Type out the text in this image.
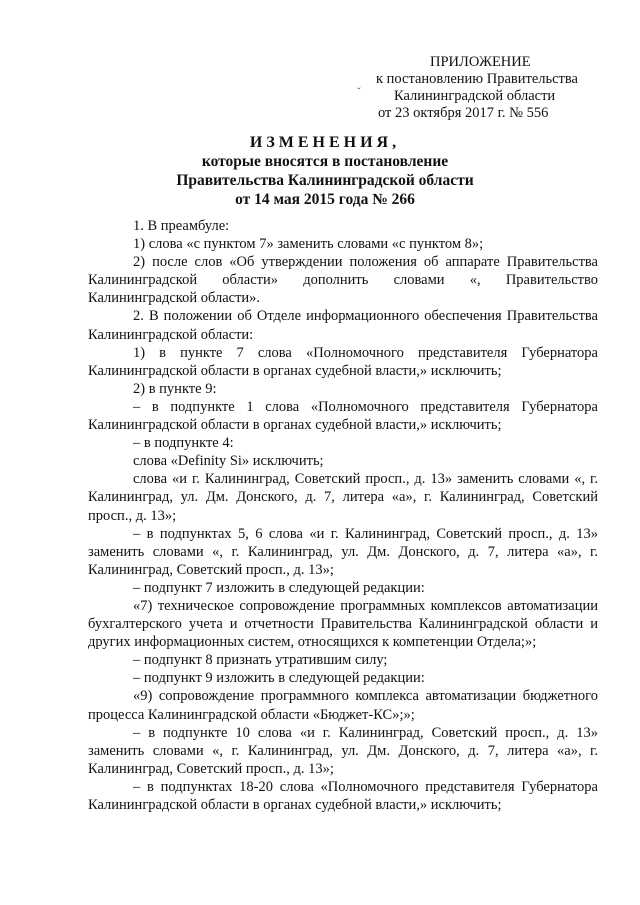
ПРИЛОЖЕНИЕ
к постановлению Правительства
Калининградской области
от 23 октября 2017 г. № 556
ˇ
ИЗМЕНЕНИЯ,
которые вносятся в постановление
Правительства Калининградской области
от 14 мая 2015 года № 266

1. В преамбуле:

1) слова «с пунктом 7» заменить словами «с пунктом 8»;

2) после слов «Об утверждении положения об аппарате Правительства Калининградской области» дополнить словами «, Правительство Калининградской области».

2. В положении об Отделе информационного обеспечения Правительства Калининградской области:

1) в пункте 7 слова «Полномочного представителя Губернатора Калининградской области в органах судебной власти,» исключить;

2) в пункте 9:

– в подпункте 1 слова «Полномочного представителя Губернатора Калининградской области в органах судебной власти,» исключить;

– в подпункте 4:

слова «Definity Si» исключить;

слова «и г. Калининград, Советский просп., д. 13» заменить словами «, г. Калининград, ул. Дм. Донского, д. 7, литера «а», г. Калининград, Советский просп., д. 13»;

– в подпунктах 5, 6 слова «и г. Калининград, Советский просп., д. 13» заменить словами «, г. Калининград, ул. Дм. Донского, д. 7, литера «а», г. Калининград, Советский просп., д. 13»;

– подпункт 7 изложить в следующей редакции:

«7) техническое сопровождение программных комплексов автоматизации бухгалтерского учета и отчетности Правительства Калининградской области и других информационных систем, относящихся к компетенции Отдела;»;

– подпункт 8 признать утратившим силу;

– подпункт 9 изложить в следующей редакции:

«9) сопровождение программного комплекса автоматизации бюджетного процесса Калининградской области «Бюджет-КС»;»;

– в подпункте 10 слова «и г. Калининград, Советский просп., д. 13» заменить словами «, г. Калининград, ул. Дм. Донского, д. 7, литера «а», г. Калининград, Советский просп., д. 13»;

– в подпунктах 18-20 слова «Полномочного представителя Губернатора Калининградской области в органах судебной власти,» исключить;
